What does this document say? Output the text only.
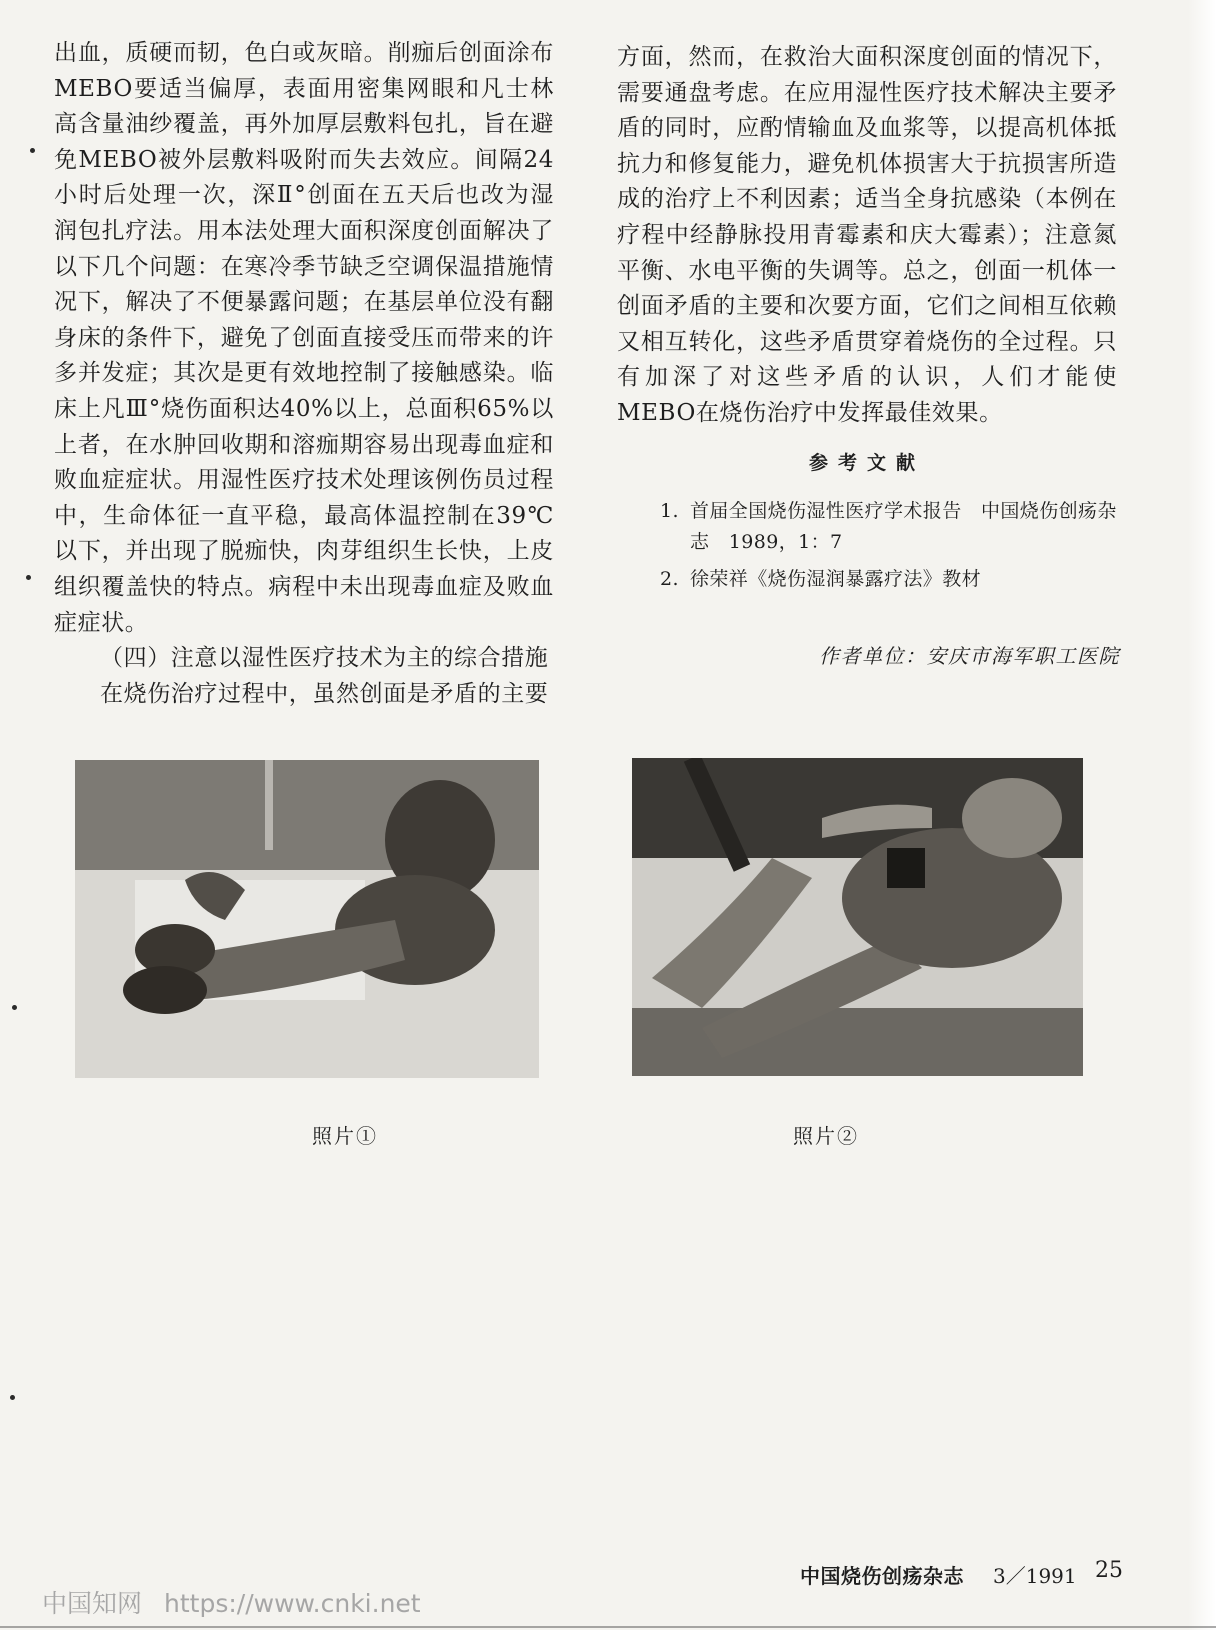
出血，质硬而韧，色白或灰暗。削痂后创面涂布MEBO要适当偏厚，表面用密集网眼和凡士林高含量油纱覆盖，再外加厚层敷料包扎，旨在避免MEBO被外层敷料吸附而失去效应。间隔24小时后处理一次，深Ⅱ°创面在五天后也改为湿润包扎疗法。用本法处理大面积深度创面解决了以下几个问题：在寒冷季节缺乏空调保温措施情况下，解决了不便暴露问题；在基层单位没有翻身床的条件下，避免了创面直接受压而带来的许多并发症；其次是更有效地控制了接触感染。临床上凡Ⅲ°烧伤面积达40%以上，总面积65%以上者，在水肿回收期和溶痂期容易出现毒血症和败血症症状。用湿性医疗技术处理该例伤员过程中，生命体征一直平稳，最高体温控制在39℃以下，并出现了脱痂快，肉芽组织生长快，上皮组织覆盖快的特点。病程中未出现毒血症及败血症症状。

（四）注意以湿性医疗技术为主的综合措施

在烧伤治疗过程中，虽然创面是矛盾的主要

方面，然而，在救治大面积深度创面的情况下，需要通盘考虑。在应用湿性医疗技术解决主要矛盾的同时，应酌情输血及血浆等，以提高机体抵抗力和修复能力，避免机体损害大于抗损害所造成的治疗上不利因素；适当全身抗感染（本例在疗程中经静脉投用青霉素和庆大霉素）；注意氮平衡、水电平衡的失调等。总之，创面一机体一创面矛盾的主要和次要方面，它们之间相互依赖又相互转化，这些矛盾贯穿着烧伤的全过程。只有加深了对这些矛盾的认识，人们才能使MEBO在烧伤治疗中发挥最佳效果。

参考文献
1. 首届全国烧伤湿性医疗学术报告　中国烧伤创疡杂志　1989，1：7
2. 徐荣祥《烧伤湿润暴露疗法》教材
作者单位：安庆市海军职工医院
照片①	照片②
中国烧伤创疡杂志 3／1991 25
中国知网 https://www.cnki.net
